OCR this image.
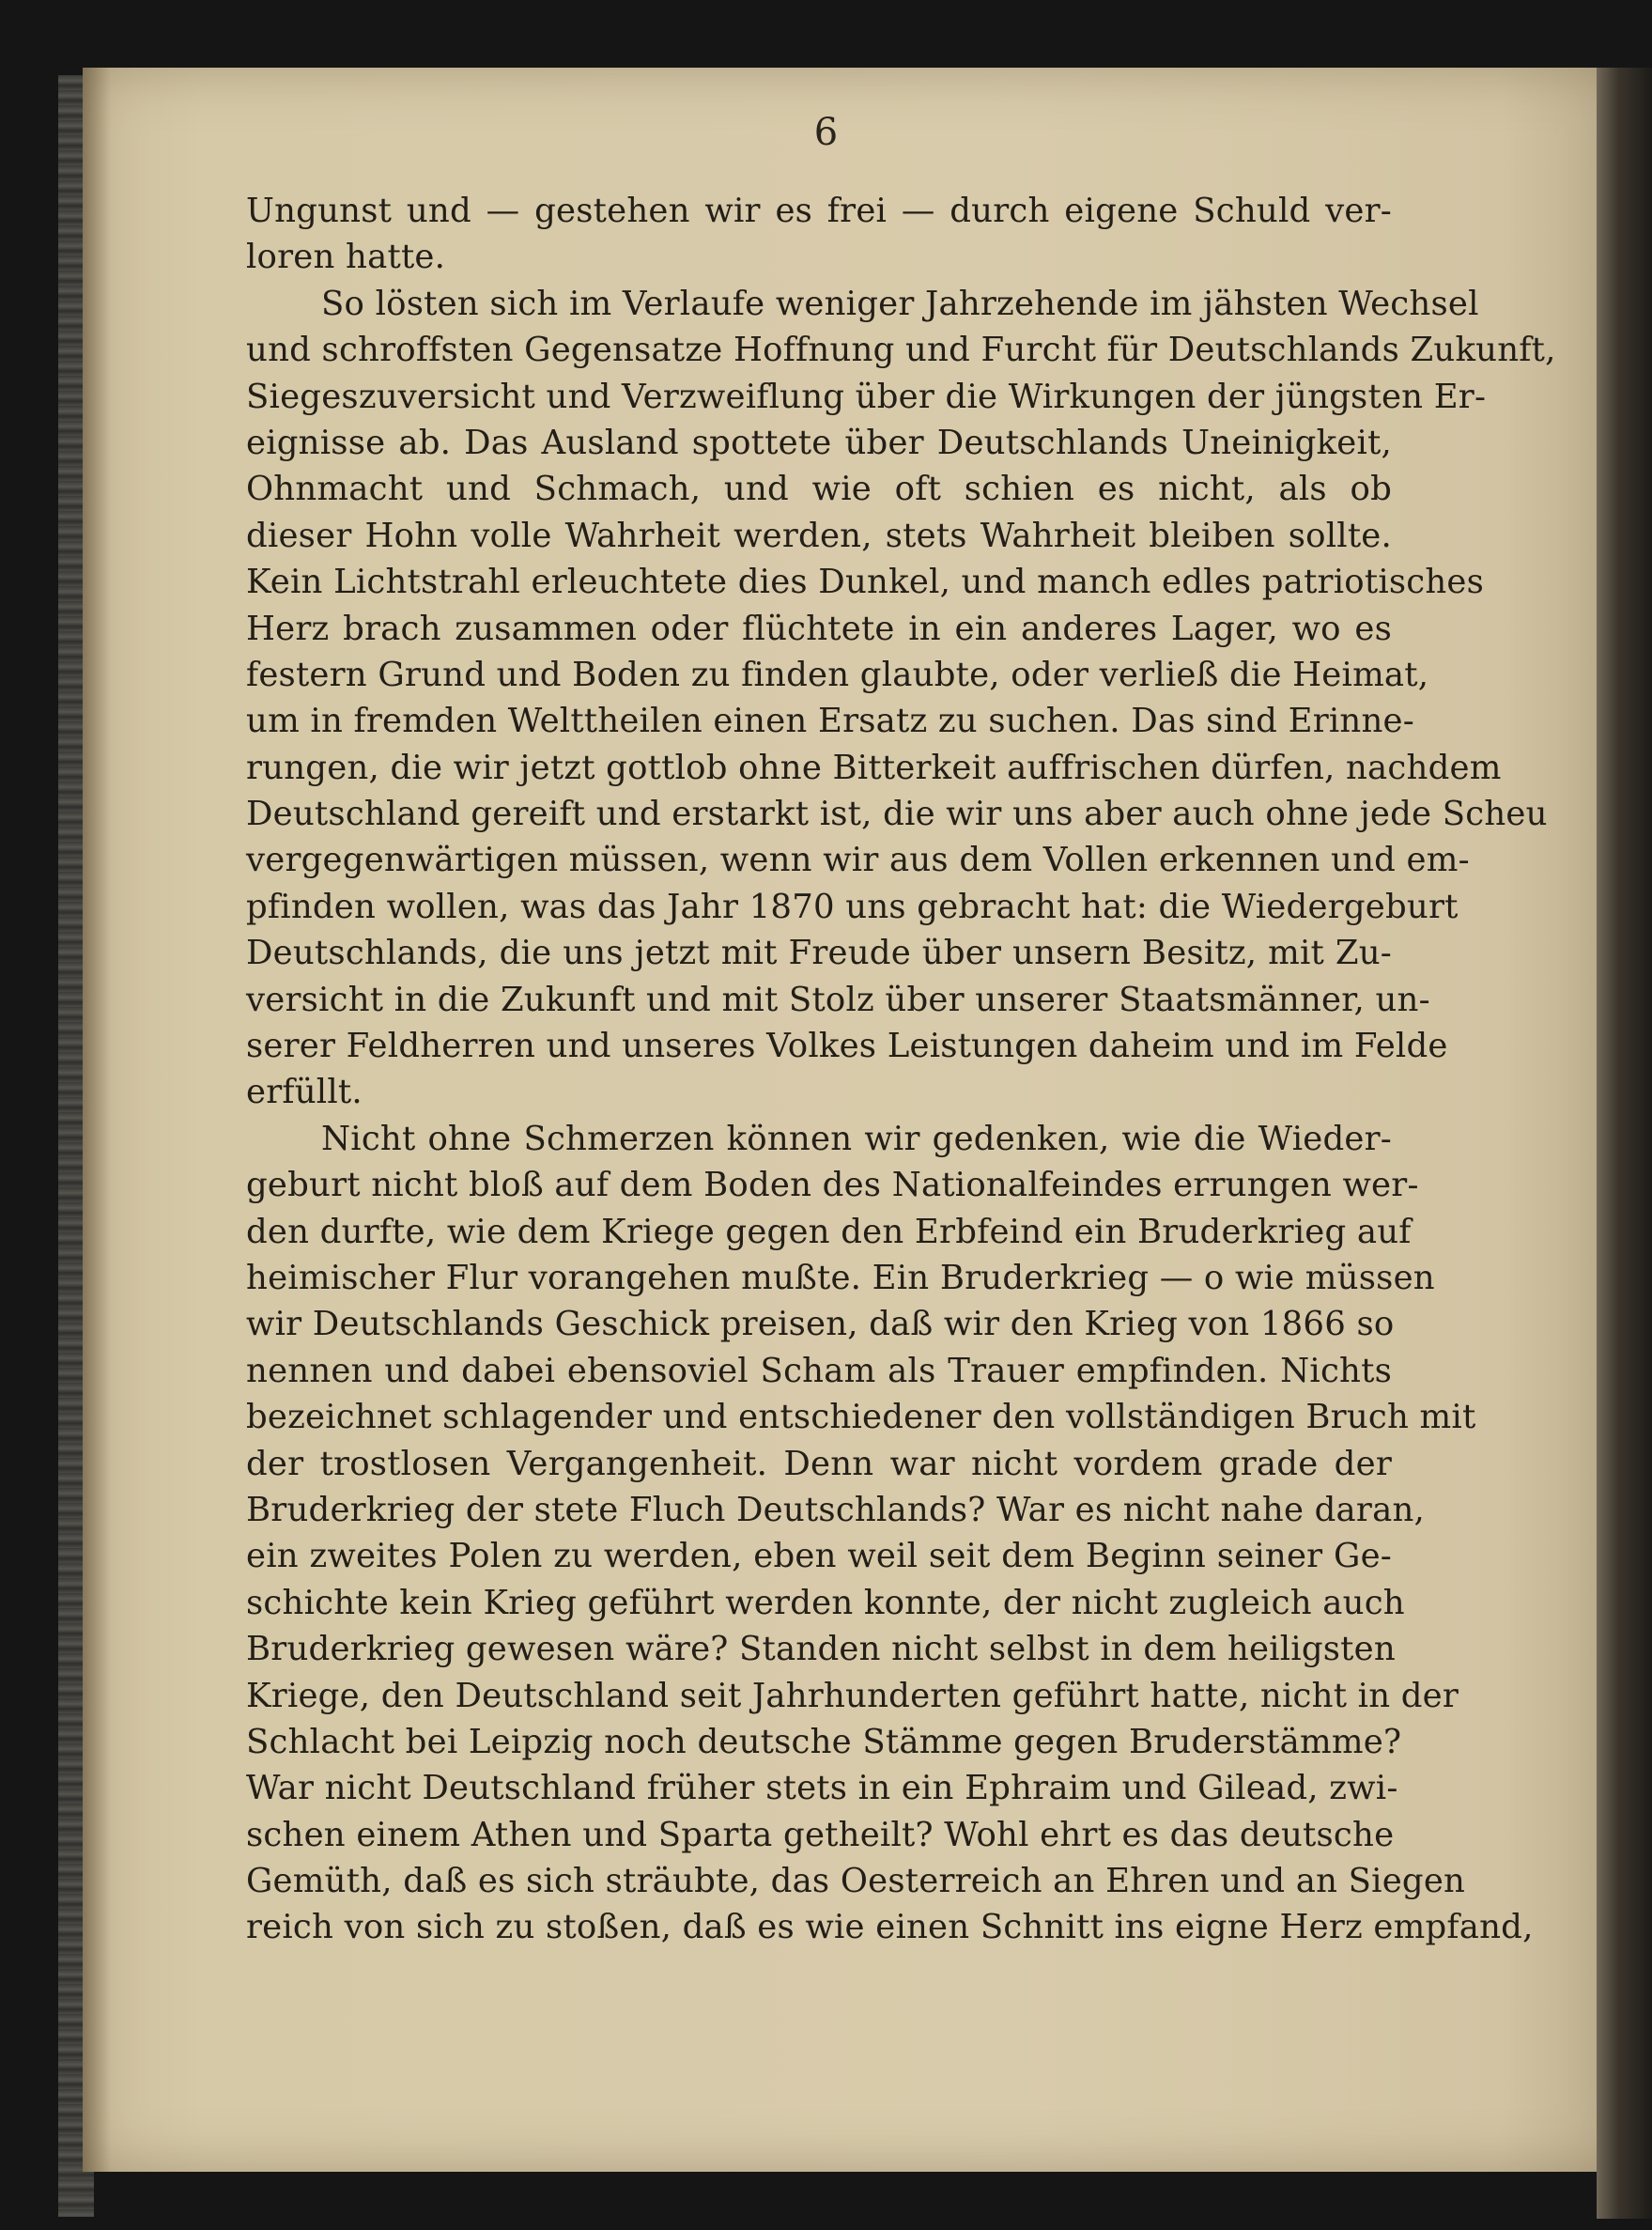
6
Ungunst und — gestehen wir es frei — durch eigene Schuld ver-
loren hatte.
So lösten sich im Verlaufe weniger Jahrzehende im jähsten Wechsel
und schroffsten Gegensatze Hoffnung und Furcht für Deutschlands Zukunft,
Siegeszuversicht und Verzweiflung über die Wirkungen der jüngsten Er-
eignisse ab. Das Ausland spottete über Deutschlands Uneinigkeit,
Ohnmacht und Schmach, und wie oft schien es nicht, als ob
dieser Hohn volle Wahrheit werden, stets Wahrheit bleiben sollte.
Kein Lichtstrahl erleuchtete dies Dunkel, und manch edles patriotisches
Herz brach zusammen oder flüchtete in ein anderes Lager, wo es
festern Grund und Boden zu finden glaubte, oder verließ die Heimat,
um in fremden Welttheilen einen Ersatz zu suchen. Das sind Erinne-
rungen, die wir jetzt gottlob ohne Bitterkeit auffrischen dürfen, nachdem
Deutschland gereift und erstarkt ist, die wir uns aber auch ohne jede Scheu
vergegenwärtigen müssen, wenn wir aus dem Vollen erkennen und em-
pfinden wollen, was das Jahr 1870 uns gebracht hat: die Wiedergeburt
Deutschlands, die uns jetzt mit Freude über unsern Besitz, mit Zu-
versicht in die Zukunft und mit Stolz über unserer Staatsmänner, un-
serer Feldherren und unseres Volkes Leistungen daheim und im Felde
erfüllt.
Nicht ohne Schmerzen können wir gedenken, wie die Wieder-
geburt nicht bloß auf dem Boden des Nationalfeindes errungen wer-
den durfte, wie dem Kriege gegen den Erbfeind ein Bruderkrieg auf
heimischer Flur vorangehen mußte. Ein Bruderkrieg — o wie müssen
wir Deutschlands Geschick preisen, daß wir den Krieg von 1866 so
nennen und dabei ebensoviel Scham als Trauer empfinden. Nichts
bezeichnet schlagender und entschiedener den vollständigen Bruch mit
der trostlosen Vergangenheit. Denn war nicht vordem grade der
Bruderkrieg der stete Fluch Deutschlands? War es nicht nahe daran,
ein zweites Polen zu werden, eben weil seit dem Beginn seiner Ge-
schichte kein Krieg geführt werden konnte, der nicht zugleich auch
Bruderkrieg gewesen wäre? Standen nicht selbst in dem heiligsten
Kriege, den Deutschland seit Jahrhunderten geführt hatte, nicht in der
Schlacht bei Leipzig noch deutsche Stämme gegen Bruderstämme?
War nicht Deutschland früher stets in ein Ephraim und Gilead, zwi-
schen einem Athen und Sparta getheilt? Wohl ehrt es das deutsche
Gemüth, daß es sich sträubte, das Oesterreich an Ehren und an Siegen
reich von sich zu stoßen, daß es wie einen Schnitt ins eigne Herz empfand,
